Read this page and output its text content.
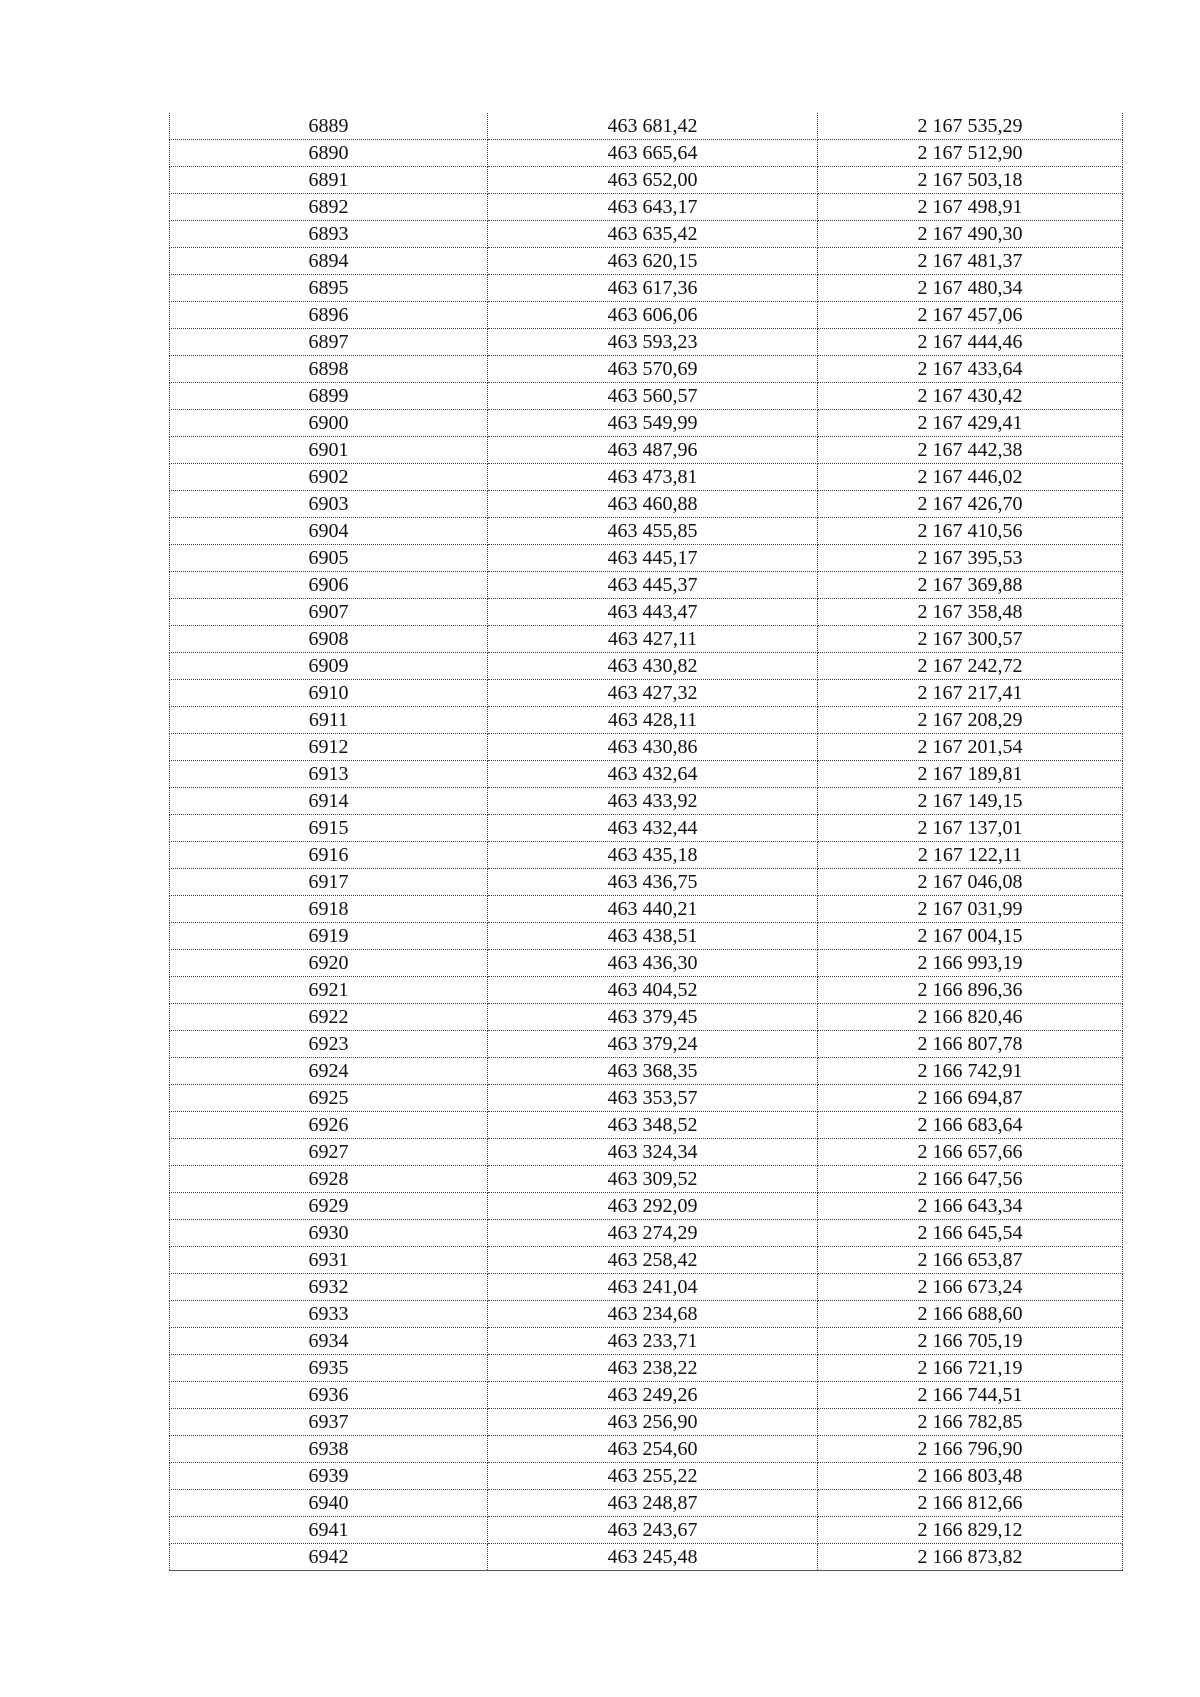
6889	463 681,42	2 167 535,29
6890	463 665,64	2 167 512,90
6891	463 652,00	2 167 503,18
6892	463 643,17	2 167 498,91
6893	463 635,42	2 167 490,30
6894	463 620,15	2 167 481,37
6895	463 617,36	2 167 480,34
6896	463 606,06	2 167 457,06
6897	463 593,23	2 167 444,46
6898	463 570,69	2 167 433,64
6899	463 560,57	2 167 430,42
6900	463 549,99	2 167 429,41
6901	463 487,96	2 167 442,38
6902	463 473,81	2 167 446,02
6903	463 460,88	2 167 426,70
6904	463 455,85	2 167 410,56
6905	463 445,17	2 167 395,53
6906	463 445,37	2 167 369,88
6907	463 443,47	2 167 358,48
6908	463 427,11	2 167 300,57
6909	463 430,82	2 167 242,72
6910	463 427,32	2 167 217,41
6911	463 428,11	2 167 208,29
6912	463 430,86	2 167 201,54
6913	463 432,64	2 167 189,81
6914	463 433,92	2 167 149,15
6915	463 432,44	2 167 137,01
6916	463 435,18	2 167 122,11
6917	463 436,75	2 167 046,08
6918	463 440,21	2 167 031,99
6919	463 438,51	2 167 004,15
6920	463 436,30	2 166 993,19
6921	463 404,52	2 166 896,36
6922	463 379,45	2 166 820,46
6923	463 379,24	2 166 807,78
6924	463 368,35	2 166 742,91
6925	463 353,57	2 166 694,87
6926	463 348,52	2 166 683,64
6927	463 324,34	2 166 657,66
6928	463 309,52	2 166 647,56
6929	463 292,09	2 166 643,34
6930	463 274,29	2 166 645,54
6931	463 258,42	2 166 653,87
6932	463 241,04	2 166 673,24
6933	463 234,68	2 166 688,60
6934	463 233,71	2 166 705,19
6935	463 238,22	2 166 721,19
6936	463 249,26	2 166 744,51
6937	463 256,90	2 166 782,85
6938	463 254,60	2 166 796,90
6939	463 255,22	2 166 803,48
6940	463 248,87	2 166 812,66
6941	463 243,67	2 166 829,12
6942	463 245,48	2 166 873,82
